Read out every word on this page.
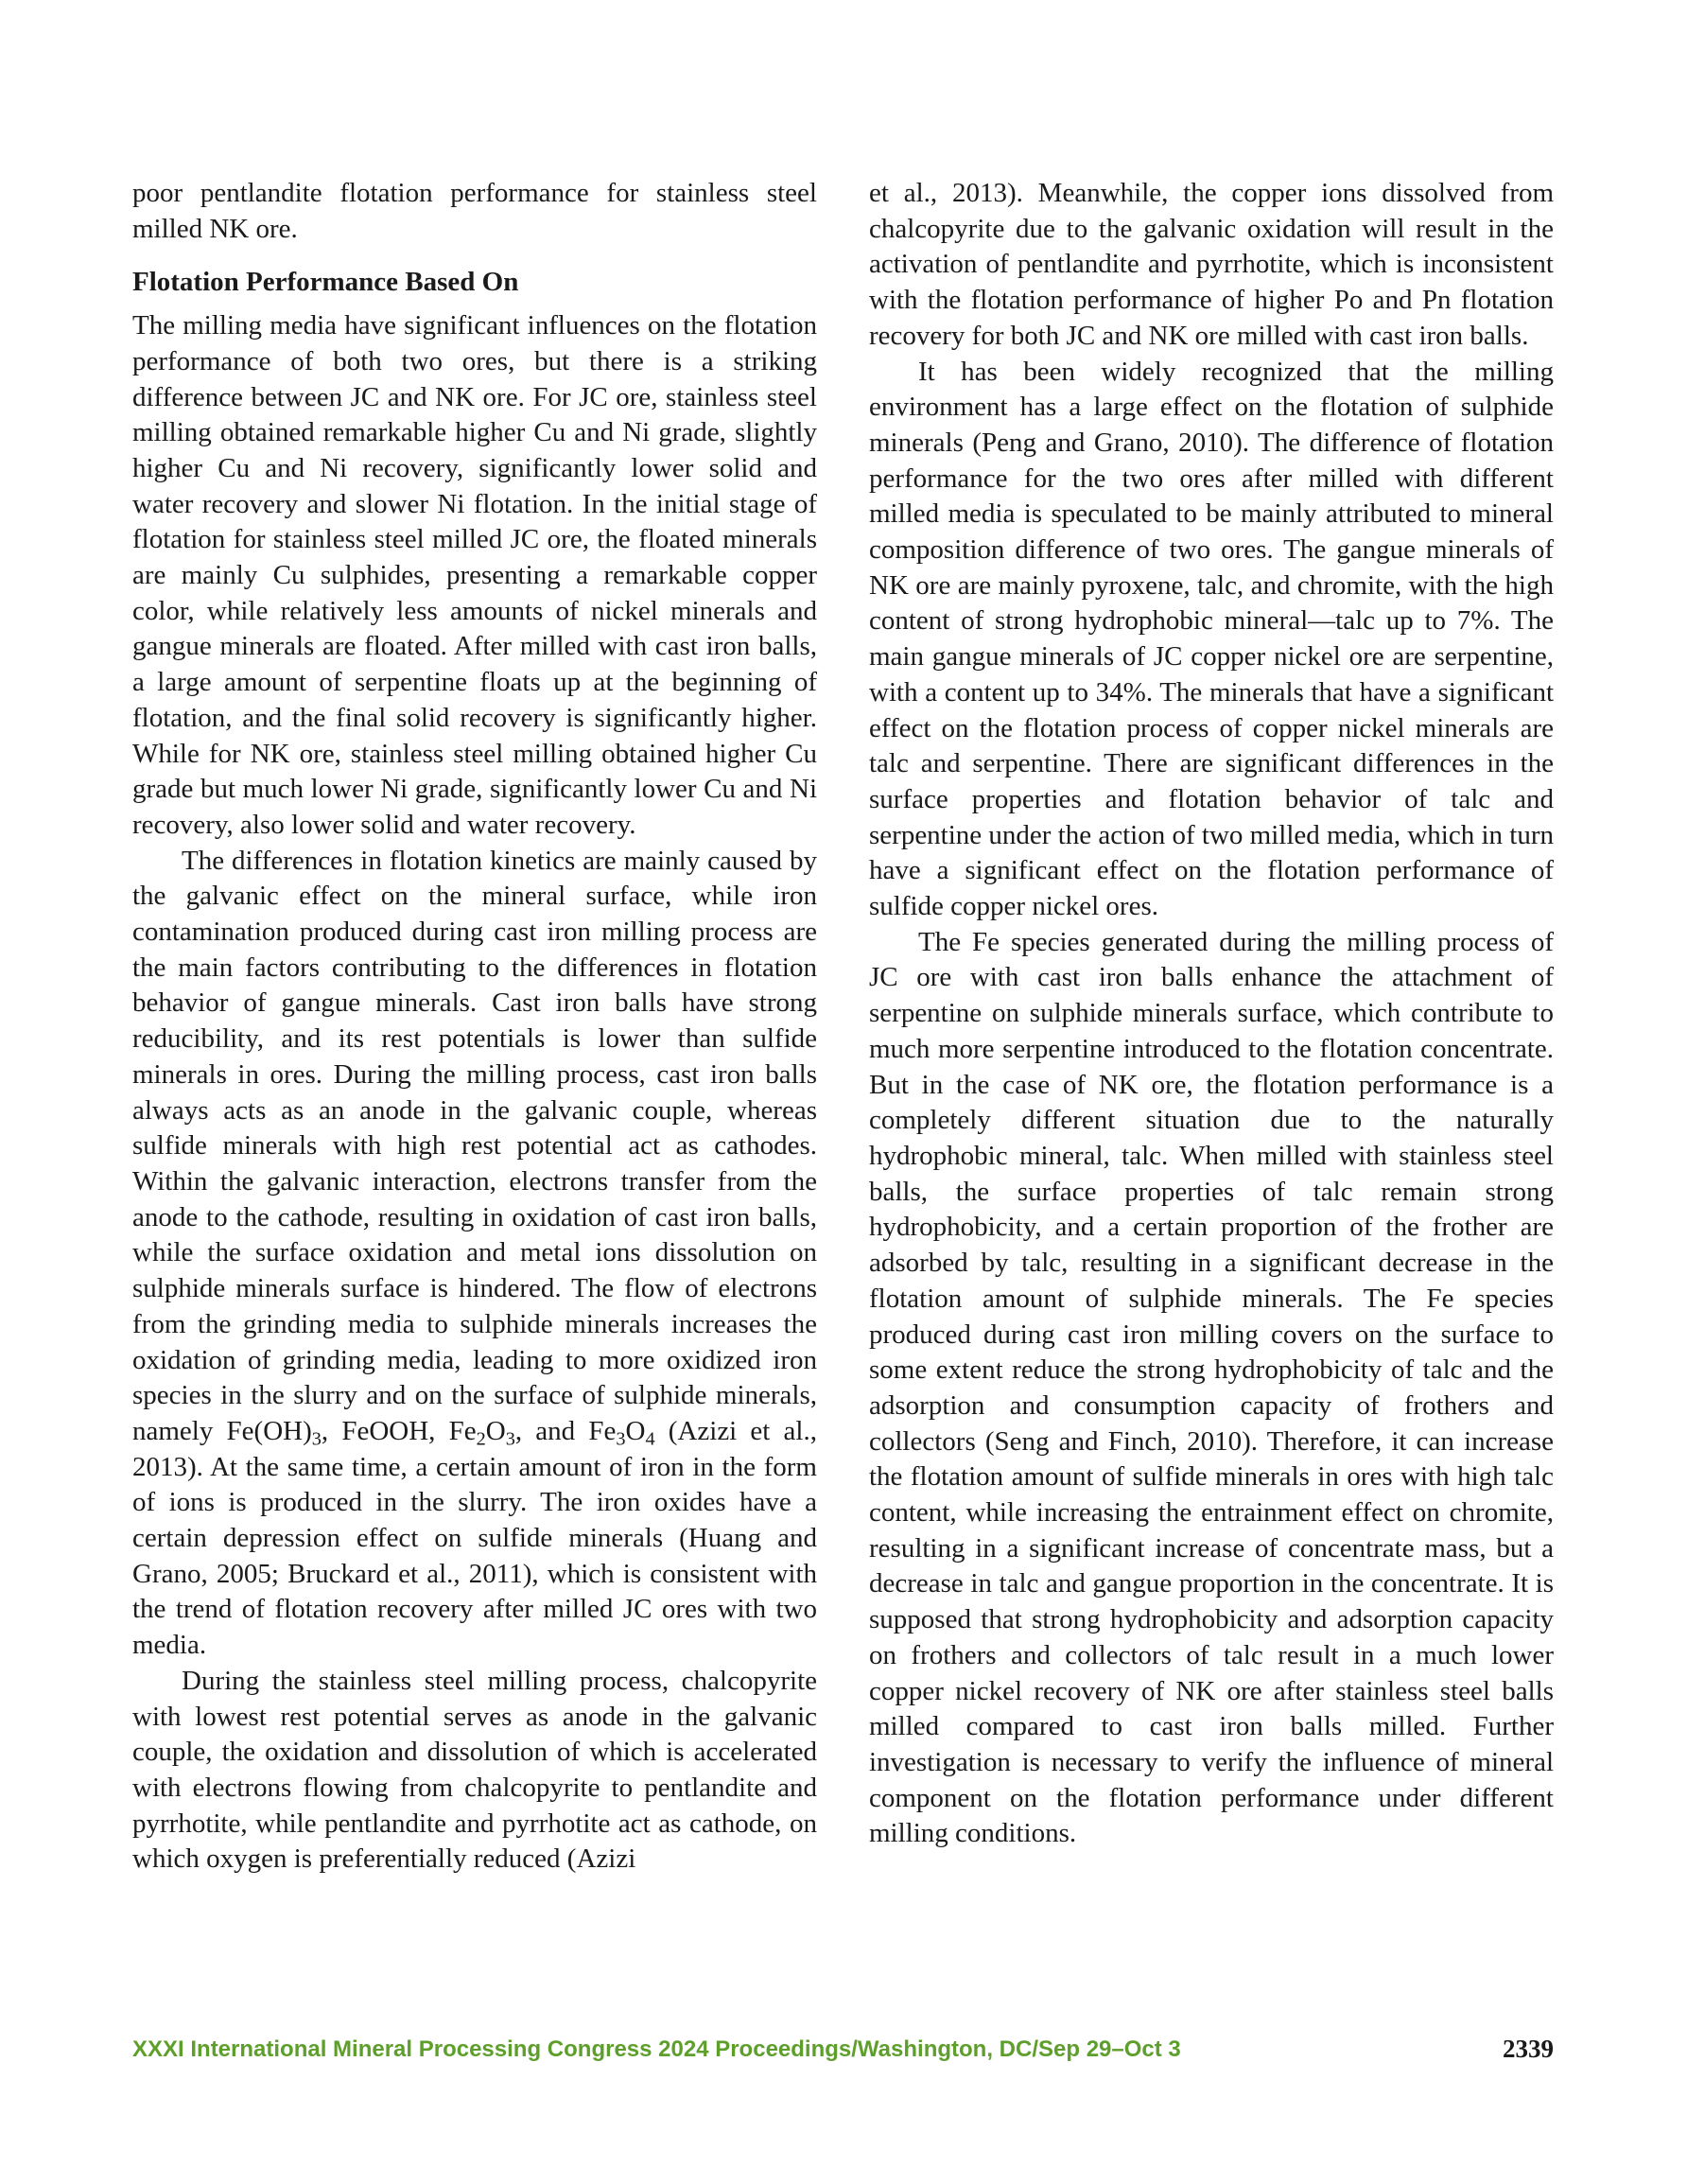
poor pentlandite flotation performance for stainless steel milled NK ore.

Flotation Performance Based On

The milling media have significant influences on the flotation performance of both two ores, but there is a striking difference between JC and NK ore. For JC ore, stainless steel milling obtained remarkable higher Cu and Ni grade, slightly higher Cu and Ni recovery, significantly lower solid and water recovery and slower Ni flotation. In the initial stage of flotation for stainless steel milled JC ore, the floated minerals are mainly Cu sulphides, presenting a remarkable copper color, while relatively less amounts of nickel minerals and gangue minerals are floated. After milled with cast iron balls, a large amount of serpentine floats up at the beginning of flotation, and the final solid recovery is significantly higher. While for NK ore, stainless steel milling obtained higher Cu grade but much lower Ni grade, significantly lower Cu and Ni recovery, also lower solid and water recovery.

The differences in flotation kinetics are mainly caused by the galvanic effect on the mineral surface, while iron contamination produced during cast iron milling process are the main factors contributing to the differences in flotation behavior of gangue minerals. Cast iron balls have strong reducibility, and its rest potentials is lower than sulfide minerals in ores. During the milling process, cast iron balls always acts as an anode in the galvanic couple, whereas sulfide minerals with high rest potential act as cathodes. Within the galvanic interaction, electrons transfer from the anode to the cathode, resulting in oxidation of cast iron balls, while the surface oxidation and metal ions dissolution on sulphide minerals surface is hindered. The flow of electrons from the grinding media to sulphide minerals increases the oxidation of grinding media, leading to more oxidized iron species in the slurry and on the surface of sulphide minerals, namely $Fe(OH)_3$, FeOOH, $Fe_2O_3$, and $Fe_3O_4$ (Azizi et al., 2013). At the same time, a certain amount of iron in the form of ions is produced in the slurry. The iron oxides have a certain depression effect on sulfide minerals (Huang and Grano, 2005; Bruckard et al., 2011), which is consistent with the trend of flotation recovery after milled JC ores with two media.

During the stainless steel milling process, chalcopyrite with lowest rest potential serves as anode in the galvanic couple, the oxidation and dissolution of which is accelerated with electrons flowing from chalcopyrite to pentlandite and pyrrhotite, while pentlandite and pyrrhotite act as cathode, on which oxygen is preferentially reduced (Azizi

et al., 2013). Meanwhile, the copper ions dissolved from chalcopyrite due to the galvanic oxidation will result in the activation of pentlandite and pyrrhotite, which is inconsistent with the flotation performance of higher Po and Pn flotation recovery for both JC and NK ore milled with cast iron balls.

It has been widely recognized that the milling environment has a large effect on the flotation of sulphide minerals (Peng and Grano, 2010). The difference of flotation performance for the two ores after milled with different milled media is speculated to be mainly attributed to mineral composition difference of two ores. The gangue minerals of NK ore are mainly pyroxene, talc, and chromite, with the high content of strong hydrophobic mineral—talc up to 7%. The main gangue minerals of JC copper nickel ore are serpentine, with a content up to 34%. The minerals that have a significant effect on the flotation process of copper nickel minerals are talc and serpentine. There are significant differences in the surface properties and flotation behavior of talc and serpentine under the action of two milled media, which in turn have a significant effect on the flotation performance of sulfide copper nickel ores.

The Fe species generated during the milling process of JC ore with cast iron balls enhance the attachment of serpentine on sulphide minerals surface, which contribute to much more serpentine introduced to the flotation concentrate. But in the case of NK ore, the flotation performance is a completely different situation due to the naturally hydrophobic mineral, talc. When milled with stainless steel balls, the surface properties of talc remain strong hydrophobicity, and a certain proportion of the frother are adsorbed by talc, resulting in a significant decrease in the flotation amount of sulphide minerals. The Fe species produced during cast iron milling covers on the surface to some extent reduce the strong hydrophobicity of talc and the adsorption and consumption capacity of frothers and collectors (Seng and Finch, 2010). Therefore, it can increase the flotation amount of sulfide minerals in ores with high talc content, while increasing the entrainment effect on chromite, resulting in a significant increase of concentrate mass, but a decrease in talc and gangue proportion in the concentrate. It is supposed that strong hydrophobicity and adsorption capacity on frothers and collectors of talc result in a much lower copper nickel recovery of NK ore after stainless steel balls milled compared to cast iron balls milled. Further investigation is necessary to verify the influence of mineral component on the flotation performance under different milling conditions.

XXXI International Mineral Processing Congress 2024 Proceedings/Washington, DC/Sep 29–Oct 3	2339
